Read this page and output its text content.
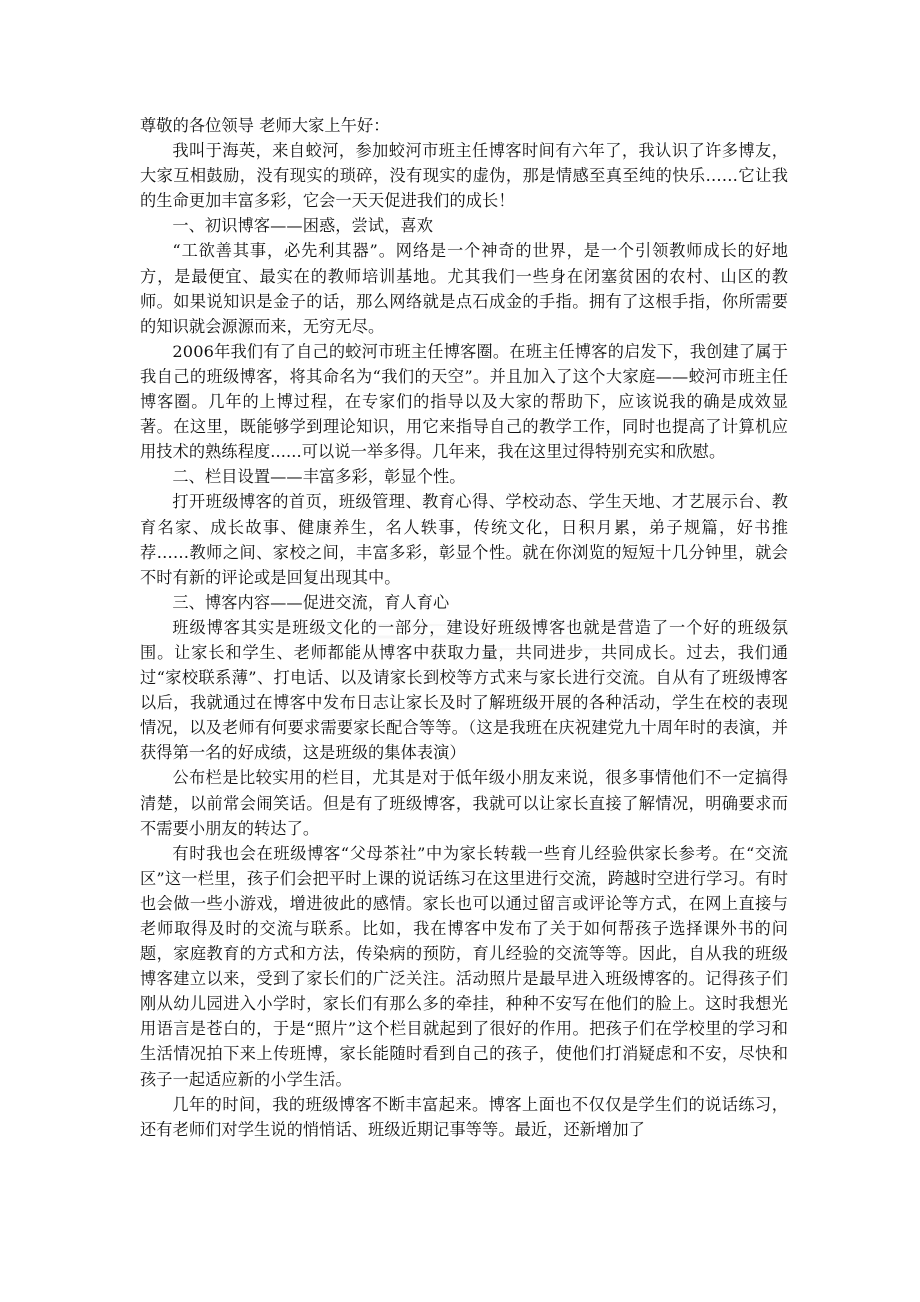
尊敬的各位领导 老师大家上午好：

我叫于海英，来自蛟河，参加蛟河市班主任博客时间有六年了，我认识了许多博友，大家互相鼓励，没有现实的琐碎，没有现实的虚伪，那是情感至真至纯的快乐……它让我的生命更加丰富多彩，它会一天天促进我们的成长！

一、初识博客——困惑，尝试，喜欢

“工欲善其事，必先利其器”。网络是一个神奇的世界，是一个引领教师成长的好地方，是最便宜、最实在的教师培训基地。尤其我们一些身在闭塞贫困的农村、山区的教师。如果说知识是金子的话，那么网络就是点石成金的手指。拥有了这根手指，你所需要的知识就会源源而来，无穷无尽。

2006年我们有了自己的蛟河市班主任博客圈。在班主任博客的启发下，我创建了属于我自己的班级博客，将其命名为“我们的天空”。并且加入了这个大家庭——蛟河市班主任博客圈。几年的上博过程，在专家们的指导以及大家的帮助下，应该说我的确是成效显著。在这里，既能够学到理论知识，用它来指导自己的教学工作，同时也提高了计算机应用技术的熟练程度......可以说一举多得。几年来，我在这里过得特别充实和欣慰。

二、栏目设置——丰富多彩，彰显个性。

打开班级博客的首页，班级管理、教育心得、学校动态、学生天地、才艺展示台、教育名家、成长故事、健康养生，名人轶事，传统文化，日积月累，弟子规篇，好书推荐……教师之间、家校之间，丰富多彩，彰显个性。就在你浏览的短短十几分钟里，就会不时有新的评论或是回复出现其中。

三、博客内容——促进交流，育人育心

班级博客其实是班级文化的一部分，建设好班级博客也就是营造了一个好的班级氛围。让家长和学生、老师都能从博客中获取力量，共同进步，共同成长。过去，我们通过“家校联系薄”、打电话、以及请家长到校等方式来与家长进行交流。自从有了班级博客以后，我就通过在博客中发布日志让家长及时了解班级开展的各种活动，学生在校的表现情况，以及老师有何要求需要家长配合等等。（这是我班在庆祝建党九十周年时的表演，并获得第一名的好成绩，这是班级的集体表演）

公布栏是比较实用的栏目，尤其是对于低年级小朋友来说，很多事情他们不一定搞得清楚，以前常会闹笑话。但是有了班级博客，我就可以让家长直接了解情况，明确要求而不需要小朋友的转达了。

有时我也会在班级博客“父母茶社”中为家长转载一些育儿经验供家长参考。在“交流区”这一栏里，孩子们会把平时上课的说话练习在这里进行交流，跨越时空进行学习。有时也会做一些小游戏，增进彼此的感情。家长也可以通过留言或评论等方式，在网上直接与老师取得及时的交流与联系。比如，我在博客中发布了关于如何帮孩子选择课外书的问题，家庭教育的方式和方法，传染病的预防，育儿经验的交流等等。因此，自从我的班级博客建立以来，受到了家长们的广泛关注。活动照片是最早进入班级博客的。记得孩子们刚从幼儿园进入小学时，家长们有那么多的牵挂，种种不安写在他们的脸上。这时我想光用语言是苍白的，于是“照片”这个栏目就起到了很好的作用。把孩子们在学校里的学习和生活情况拍下来上传班博，家长能随时看到自己的孩子，使他们打消疑虑和不安，尽快和孩子一起适应新的小学生活。

几年的时间，我的班级博客不断丰富起来。博客上面也不仅仅是学生们的说话练习，还有老师们对学生说的悄悄话、班级近期记事等等。最近，还新增加了
